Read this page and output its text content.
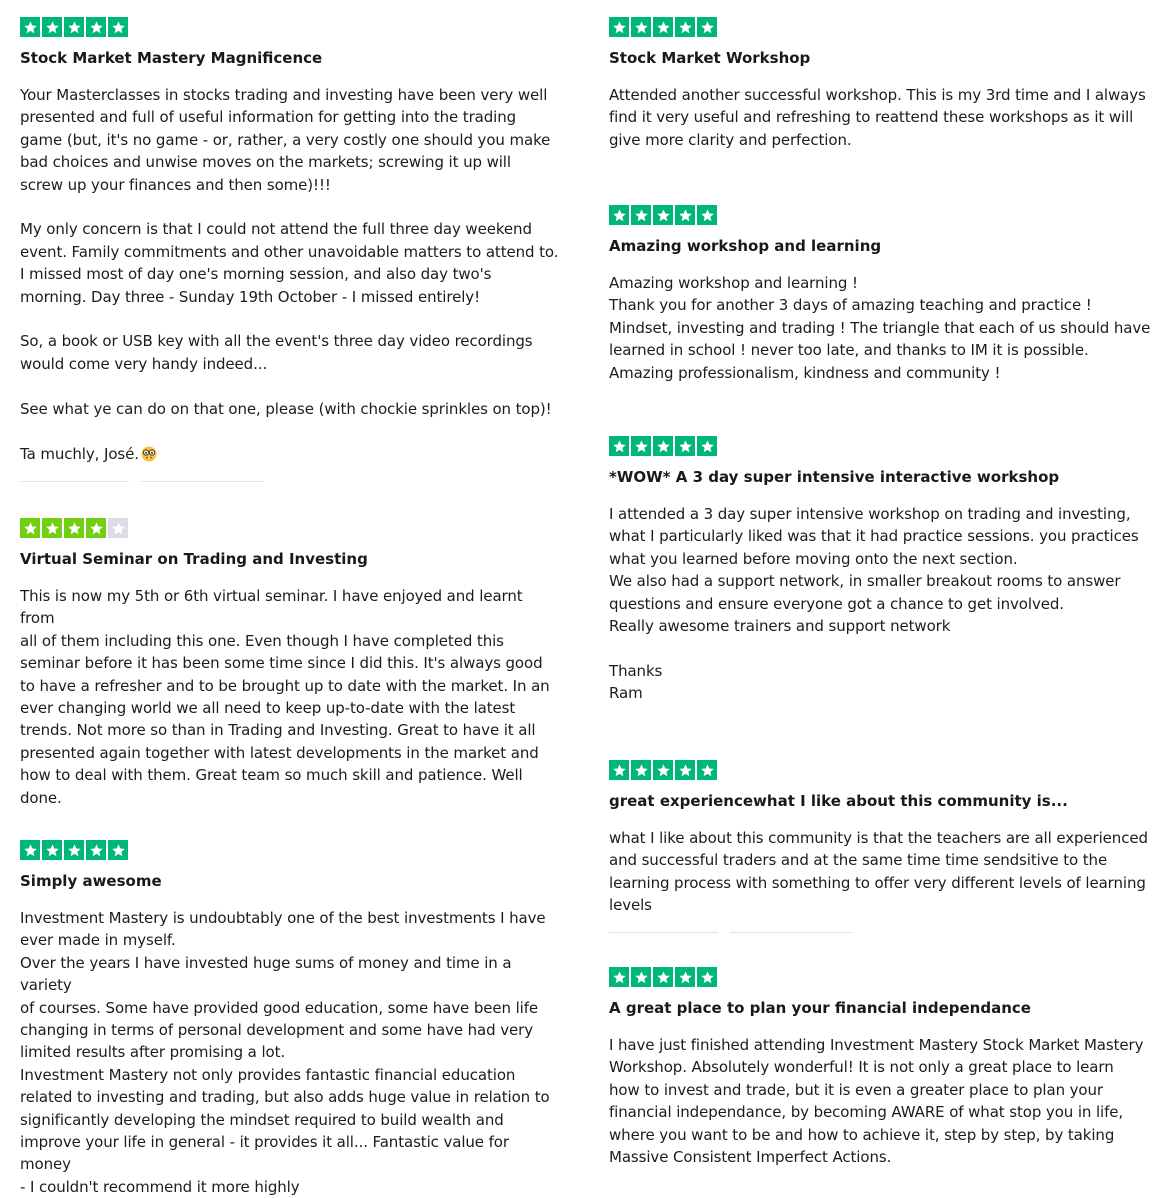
Stock Market Mastery Magnificence
Your Masterclasses in stocks trading and investing have been very well
presented and full of useful information for getting into the trading
game (but, it's no game - or, rather, a very costly one should you make
bad choices and unwise moves on the markets; screwing it up will
screw up your finances and then some)!!!

My only concern is that I could not attend the full three day weekend
event. Family commitments and other unavoidable matters to attend to.
I missed most of day one's morning session, and also day two's
morning. Day three - Sunday 19th October - I missed entirely!

So, a book or USB key with all the event's three day video recordings
would come very handy indeed...

See what ye can do on that one, please (with chockie sprinkles on top)!

Ta muchly, José.
Virtual Seminar on Trading and Investing
This is now my 5th or 6th virtual seminar. I have enjoyed and learnt from
all of them including this one. Even though I have completed this
seminar before it has been some time since I did this. It's always good
to have a refresher and to be brought up to date with the market. In an
ever changing world we all need to keep up-to-date with the latest
trends. Not more so than in Trading and Investing. Great to have it all
presented again together with latest developments in the market and
how to deal with them. Great team so much skill and patience. Well
done.
Simply awesome
Investment Mastery is undoubtably one of the best investments I have
ever made in myself.
Over the years I have invested huge sums of money and time in a variety
of courses. Some have provided good education, some have been life
changing in terms of personal development and some have had very
limited results after promising a lot.
Investment Mastery not only provides fantastic financial education
related to investing and trading, but also adds huge value in relation to
significantly developing the mindset required to build wealth and
improve your life in general - it provides it all... Fantastic value for money
- I couldn't recommend it more highly
Stock Market Workshop
Attended another successful workshop. This is my 3rd time and I always
find it very useful and refreshing to reattend these workshops as it will
give more clarity and perfection.
Amazing workshop and learning
Amazing workshop and learning !
Thank you for another 3 days of amazing teaching and practice !
Mindset, investing and trading ! The triangle that each of us should have
learned in school ! never too late, and thanks to IM it is possible.
Amazing professionalism, kindness and community !
*WOW* A 3 day super intensive interactive workshop
I attended a 3 day super intensive workshop on trading and investing,
what I particularly liked was that it had practice sessions. you practices
what you learned before moving onto the next section.
We also had a support network, in smaller breakout rooms to answer
questions and ensure everyone got a chance to get involved.
Really awesome trainers and support network

Thanks
Ram
great experiencewhat I like about this community is...
what I like about this community is that the teachers are all experienced
and successful traders and at the same time time sendsitive to the
learning process with something to offer very different levels of learning
levels
A great place to plan your financial independance
I have just finished attending Investment Mastery Stock Market Mastery
Workshop. Absolutely wonderful! It is not only a great place to learn
how to invest and trade, but it is even a greater place to plan your
financial independance, by becoming AWARE of what stop you in life,
where you want to be and how to achieve it, step by step, by taking
Massive Consistent Imperfect Actions.
